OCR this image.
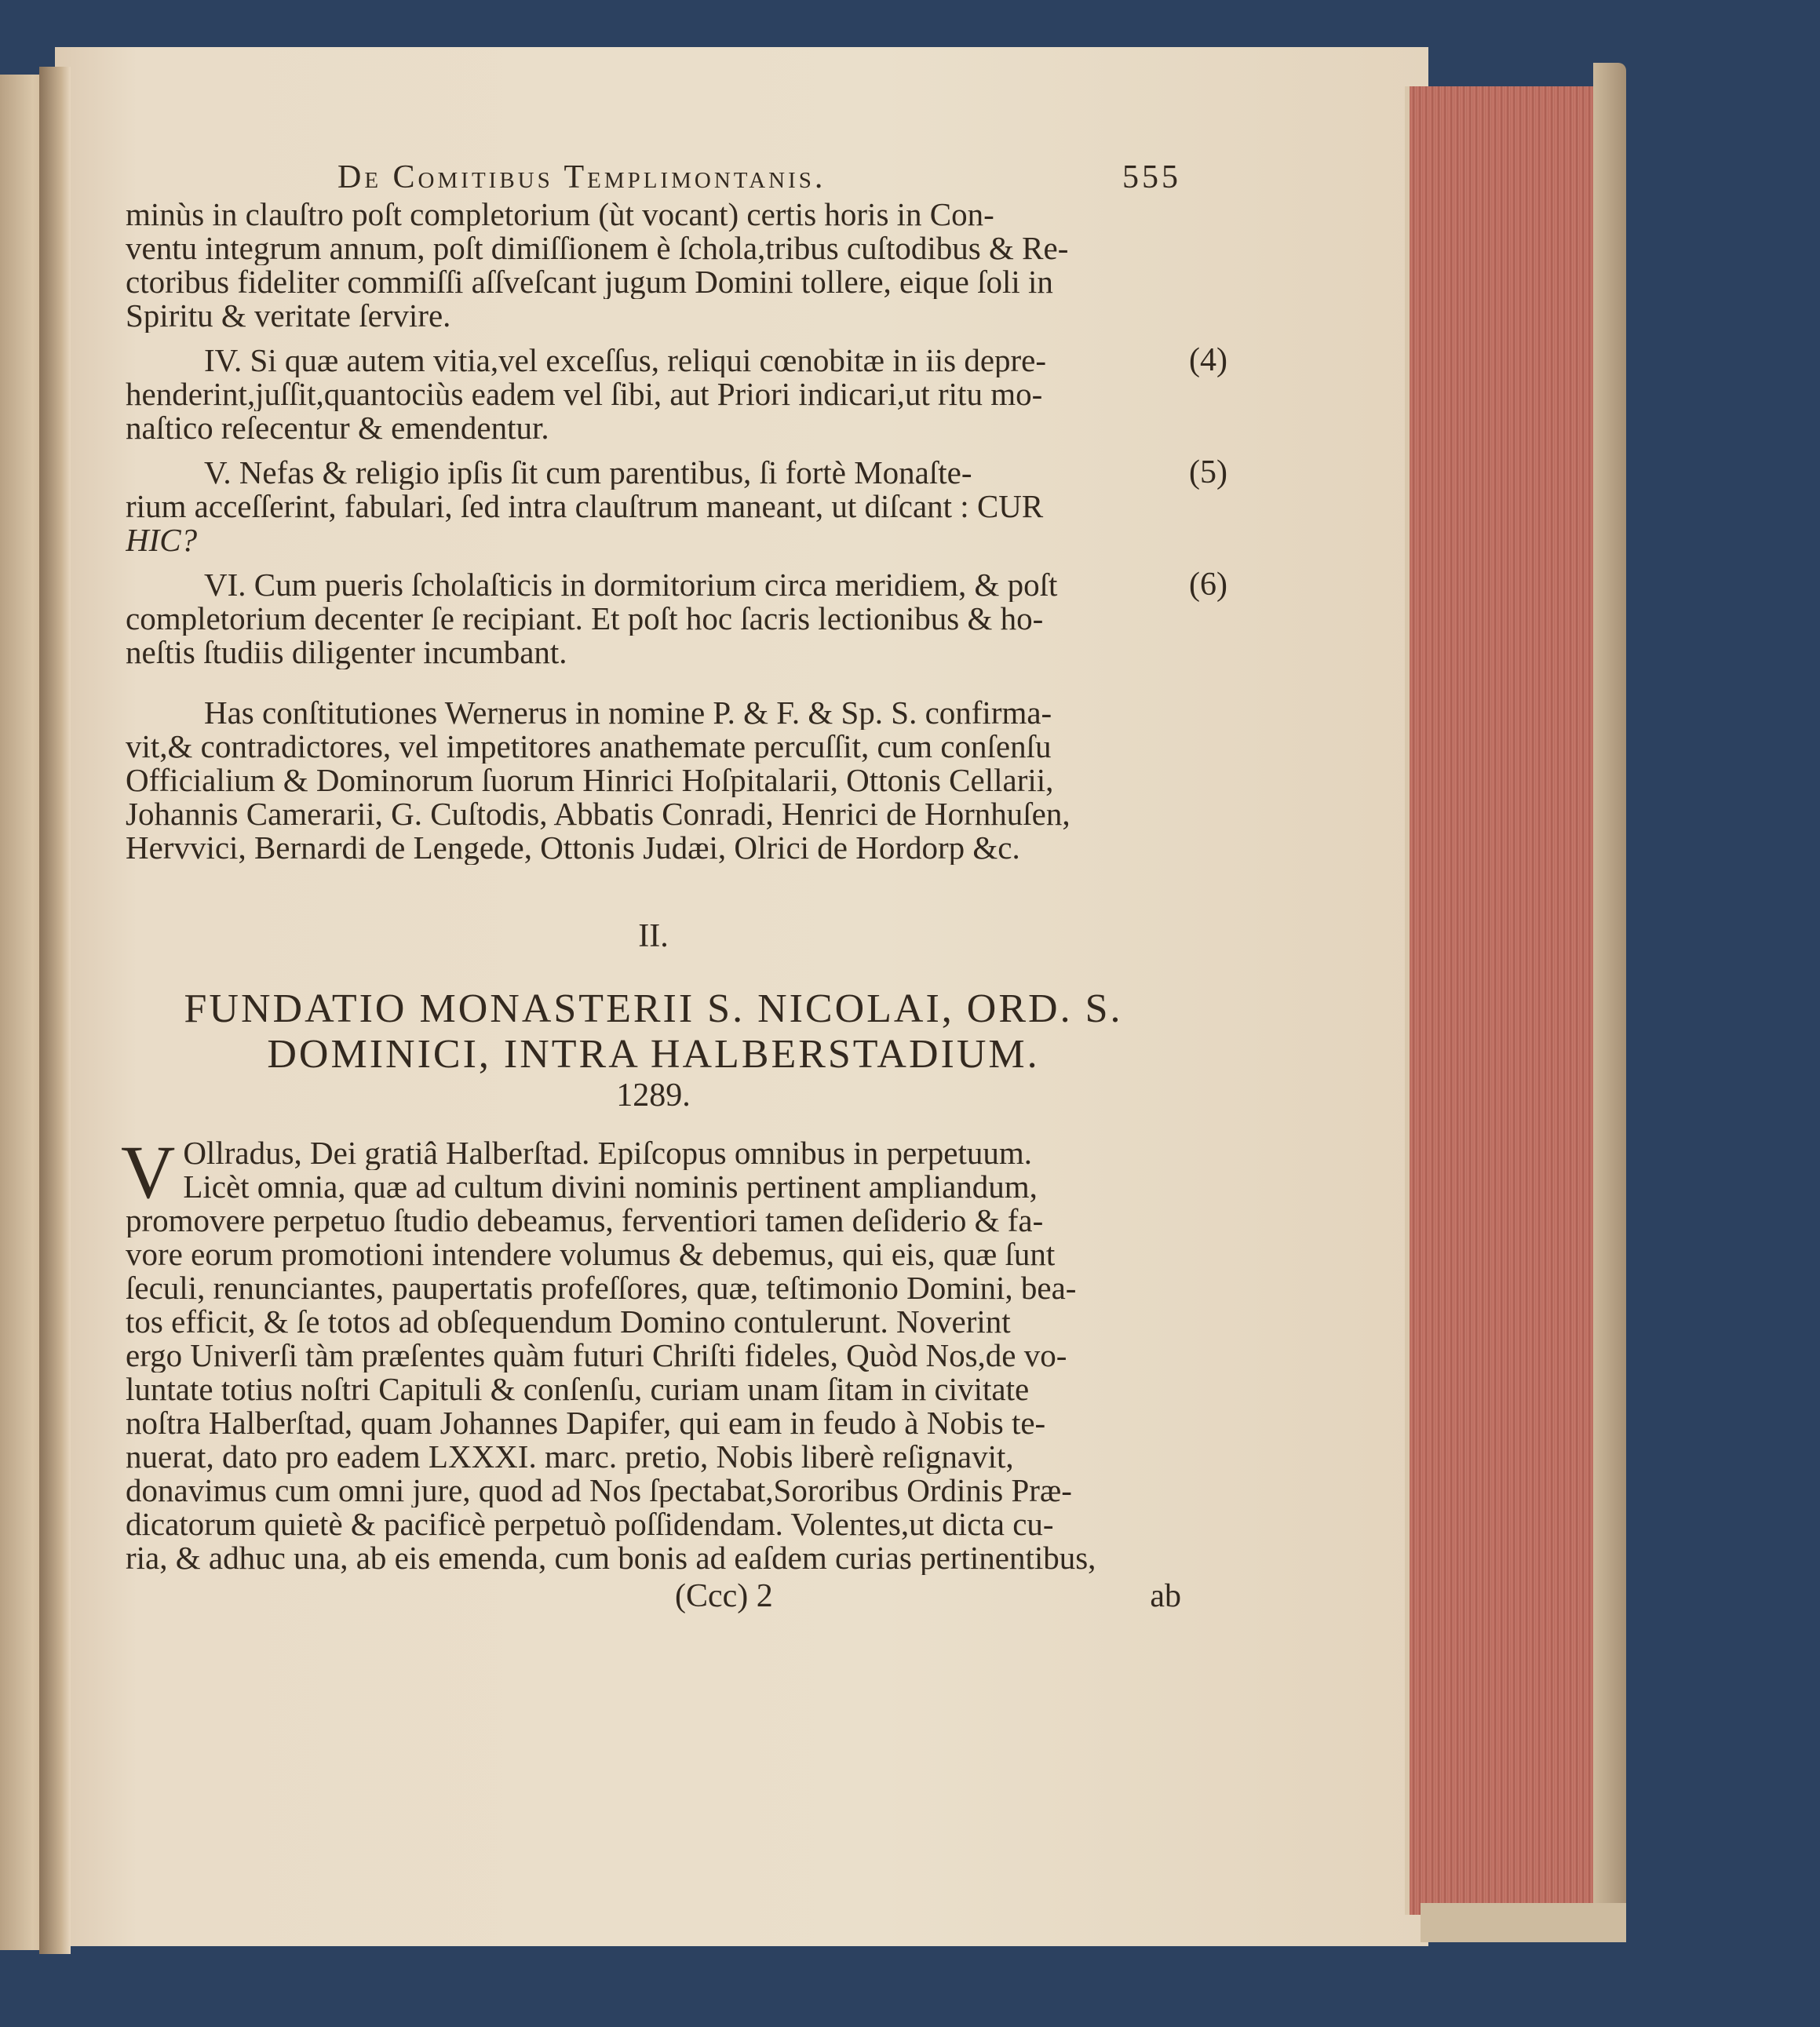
De Comitibus Templimontanis.	555
minùs in clauſtro poſt completorium (ùt vocant) certis horis in Con-
ventu integrum annum, poſt dimiſſionem è ſchola,tribus cuſtodibus & Re-
ctoribus fideliter commiſſi aſſveſcant jugum Domini tollere, eique ſoli in
Spiritu & veritate ſervire.
(4)
IV. Si quæ autem vitia,vel exceſſus, reliqui cœnobitæ in iis depre-
henderint,juſſit,quantociùs eadem vel ſibi, aut Priori indicari,ut ritu mo-
naſtico reſecentur & emendentur.
(5)
V. Nefas & religio ipſis ſit cum parentibus, ſi fortè Monaſte-
rium acceſſerint, fabulari, ſed intra clauſtrum maneant, ut diſcant : CUR
HIC?
(6)
VI. Cum pueris ſcholaſticis in dormitorium circa meridiem, & poſt
completorium decenter ſe recipiant. Et poſt hoc ſacris lectionibus & ho-
neſtis ſtudiis diligenter incumbant.
Has conſtitutiones Wernerus in nomine P. & F. & Sp. S. confirma-
vit,& contradictores, vel impetitores anathemate percuſſit, cum conſenſu
Officialium & Dominorum ſuorum Hinrici Hoſpitalarii, Ottonis Cellarii,
Johannis Camerarii, G. Cuſtodis, Abbatis Conradi, Henrici de Hornhuſen,
Hervvici, Bernardi de Lengede, Ottonis Judæi, Olrici de Hordorp &c.
II.
FUNDATIO MONASTERII S. NICOLAI, ORD. S.
DOMINICI, INTRA HALBERSTADIUM.
1289.
V Ollradus, Dei gratiâ Halberſtad. Epiſcopus omnibus in perpetuum.
Licèt omnia, quæ ad cultum divini nominis pertinent ampliandum,
promovere perpetuo ſtudio debeamus, ferventiori tamen deſiderio & fa-
vore eorum promotioni intendere volumus & debemus, qui eis, quæ ſunt
ſeculi, renunciantes, paupertatis profeſſores, quæ, teſtimonio Domini, bea-
tos efficit, & ſe totos ad obſequendum Domino contulerunt. Noverint
ergo Univerſi tàm præſentes quàm futuri Chriſti fideles, Quòd Nos,de vo-
luntate totius noſtri Capituli & conſenſu, curiam unam ſitam in civitate
noſtra Halberſtad, quam Johannes Dapifer, qui eam in feudo à Nobis te-
nuerat, dato pro eadem LXXXI. marc. pretio, Nobis liberè reſignavit,
donavimus cum omni jure, quod ad Nos ſpectabat,Sororibus Ordinis Præ-
dicatorum quietè & pacificè perpetuò poſſidendam. Volentes,ut dicta cu-
ria, & adhuc una, ab eis emenda, cum bonis ad eaſdem curias pertinentibus,
(Ccc) 2	ab
